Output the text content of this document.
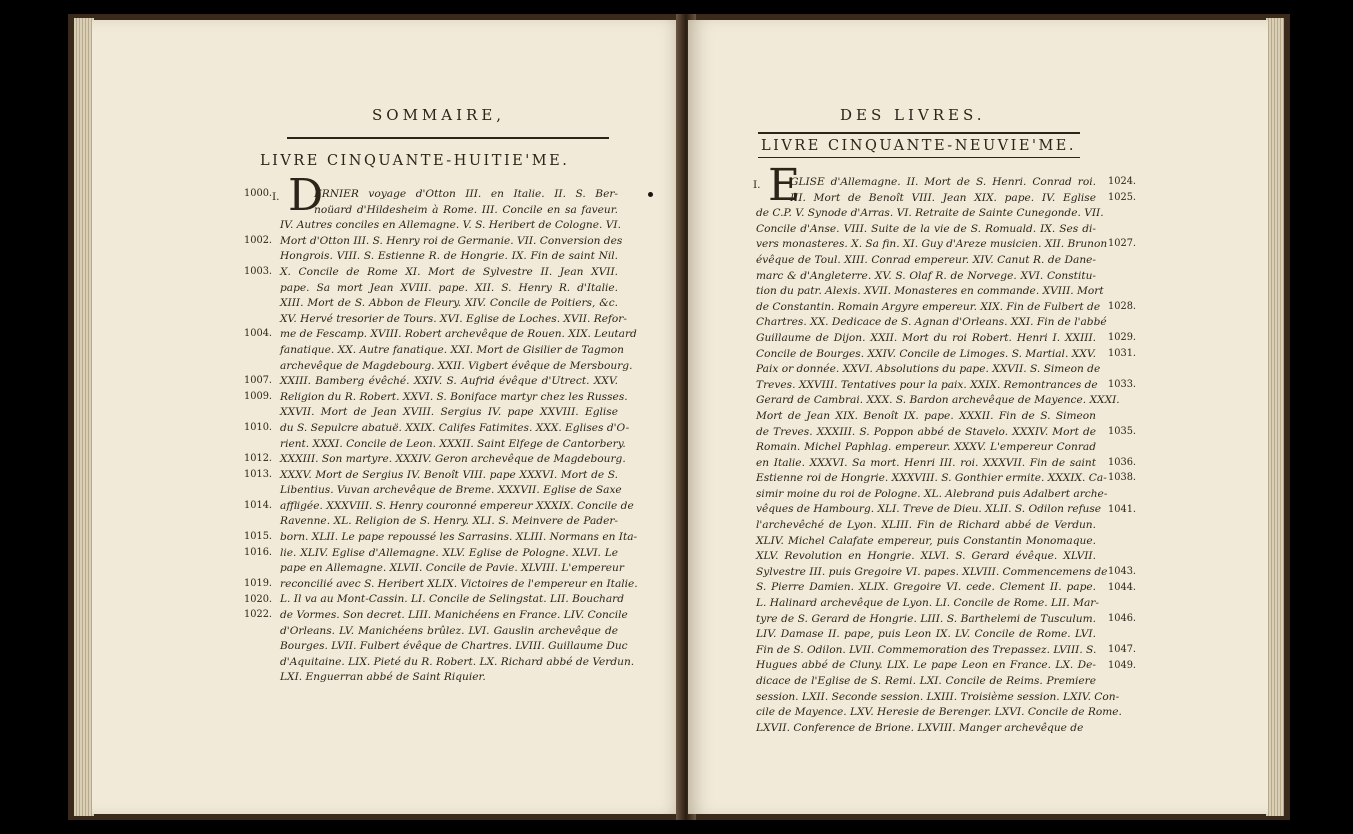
SOMMAIRE,
LIVRE CINQUANTE-HUITIE'ME.
I. D
ERNIER voyage d'Otton III. en Italie. II. S. Ber-
noüard d'Hildesheim à Rome. III. Concile en sa faveur.
IV. Autres conciles en Allemagne. V. S. Heribert de Cologne. VI.
Mort d'Otton III. S. Henry roi de Germanie. VII. Conversion des
Hongrois. VIII. S. Estienne R. de Hongrie. IX. Fin de saint Nil.
X. Concile de Rome XI. Mort de Sylvestre II. Jean XVII.
pape. Sa mort Jean XVIII. pape. XII. S. Henry R. d'Italie.
XIII. Mort de S. Abbon de Fleury. XIV. Concile de Poitiers, &c.
XV. Hervé tresorier de Tours. XVI. Eglise de Loches. XVII. Refor-
me de Fescamp. XVIII. Robert archevêque de Rouen. XIX. Leutard
fanatique. XX. Autre fanatique. XXI. Mort de Gisilier de Tagmon
archevêque de Magdebourg. XXII. Vigbert évêque de Mersbourg.
XXIII. Bamberg évêché. XXIV. S. Aufrid évêque d'Utrect. XXV.
Religion du R. Robert. XXVI. S. Boniface martyr chez les Russes.
XXVII. Mort de Jean XVIII. Sergius IV. pape XXVIII. Eglise
du S. Sepulcre abatuë. XXIX. Califes Fatimites. XXX. Eglises d'O-
rient. XXXI. Concile de Leon. XXXII. Saint Elfege de Cantorbery.
XXXIII. Son martyre. XXXIV. Geron archevêque de Magdebourg.
XXXV. Mort de Sergius IV. Benoît VIII. pape XXXVI. Mort de S.
Libentius. Vuvan archevêque de Breme. XXXVII. Eglise de Saxe
affligée. XXXVIII. S. Henry couronné empereur XXXIX. Concile de
Ravenne. XL. Religion de S. Henry. XLI. S. Meinvere de Pader-
born. XLII. Le pape repoussé les Sarrasins. XLIII. Normans en Ita-
lie. XLIV. Eglise d'Allemagne. XLV. Eglise de Pologne. XLVI. Le
pape en Allemagne. XLVII. Concile de Pavie. XLVIII. L'empereur
reconcilié avec S. Heribert XLIX. Victoires de l'empereur en Italie.
L. Il va au Mont-Cassin. LI. Concile de Selingstat. LII. Bouchard
de Vormes. Son decret. LIII. Manichéens en France. LIV. Concile
d'Orleans. LV. Manichéens brûlez. LVI. Gauslin archevêque de
Bourges. LVII. Fulbert évêque de Chartres. LVIII. Guillaume Duc
d'Aquitaine. LIX. Pieté du R. Robert. LX. Richard abbé de Verdun.
LXI. Enguerran abbé de Saint Riquier.
1000.
1002.
1003.
1004.
1007.
1009.
1010.
1012.
1013.
1014.
1015.
1016.
1019.
1020.
1022.
DES LIVRES.
LIVRE CINQUANTE-NEUVIE'ME.
I. E
GLISE d'Allemagne. II. Mort de S. Henri. Conrad roi.
III. Mort de Benoît VIII. Jean XIX. pape. IV. Eglise
de C.P. V. Synode d'Arras. VI. Retraite de Sainte Cunegonde. VII.
Concile d'Anse. VIII. Suite de la vie de S. Romuald. IX. Ses di-
vers monasteres. X. Sa fin. XI. Guy d'Areze musicien. XII. Brunon
évêque de Toul. XIII. Conrad empereur. XIV. Canut R. de Dane-
marc & d'Angleterre. XV. S. Olaf R. de Norvege. XVI. Constitu-
tion du patr. Alexis. XVII. Monasteres en commande. XVIII. Mort
de Constantin. Romain Argyre empereur. XIX. Fin de Fulbert de
Chartres. XX. Dedicace de S. Agnan d'Orleans. XXI. Fin de l'abbé
Guillaume de Dijon. XXII. Mort du roi Robert. Henri I. XXIII.
Concile de Bourges. XXIV. Concile de Limoges. S. Martial. XXV.
Paix or donnée. XXVI. Absolutions du pape. XXVII. S. Simeon de
Treves. XXVIII. Tentatives pour la paix. XXIX. Remontrances de
Gerard de Cambrai. XXX. S. Bardon archevêque de Mayence. XXXI.
Mort de Jean XIX. Benoît IX. pape. XXXII. Fin de S. Simeon
de Treves. XXXIII. S. Poppon abbé de Stavelo. XXXIV. Mort de
Romain. Michel Paphlag. empereur. XXXV. L'empereur Conrad
en Italie. XXXVI. Sa mort. Henri III. roi. XXXVII. Fin de saint
Estienne roi de Hongrie. XXXVIII. S. Gonthier ermite. XXXIX. Ca-
simir moine du roi de Pologne. XL. Alebrand puis Adalbert arche-
vêques de Hambourg. XLI. Treve de Dieu. XLII. S. Odilon refuse
l'archevêché de Lyon. XLIII. Fin de Richard abbé de Verdun.
XLIV. Michel Calafate empereur, puis Constantin Monomaque.
XLV. Revolution en Hongrie. XLVI. S. Gerard évêque. XLVII.
Sylvestre III. puis Gregoire VI. papes. XLVIII. Commencemens de
S. Pierre Damien. XLIX. Gregoire VI. cede. Clement II. pape.
L. Halinard archevêque de Lyon. LI. Concile de Rome. LII. Mar-
tyre de S. Gerard de Hongrie. LIII. S. Barthelemi de Tusculum.
LIV. Damase II. pape, puis Leon IX. LV. Concile de Rome. LVI.
Fin de S. Odilon. LVII. Commemoration des Trepassez. LVIII. S.
Hugues abbé de Cluny. LIX. Le pape Leon en France. LX. De-
dicace de l'Eglise de S. Remi. LXI. Concile de Reims. Premiere
session. LXII. Seconde session. LXIII. Troisième session. LXIV. Con-
cile de Mayence. LXV. Heresie de Berenger. LXVI. Concile de Rome.
LXVII. Conference de Brione. LXVIII. Manger archevêque de
1024.
1025.
1027.
1028.
1029.
1031.
1033.
1035.
1036.
1038.
1041.
1043.
1044.
1046.
1047.
1049.
